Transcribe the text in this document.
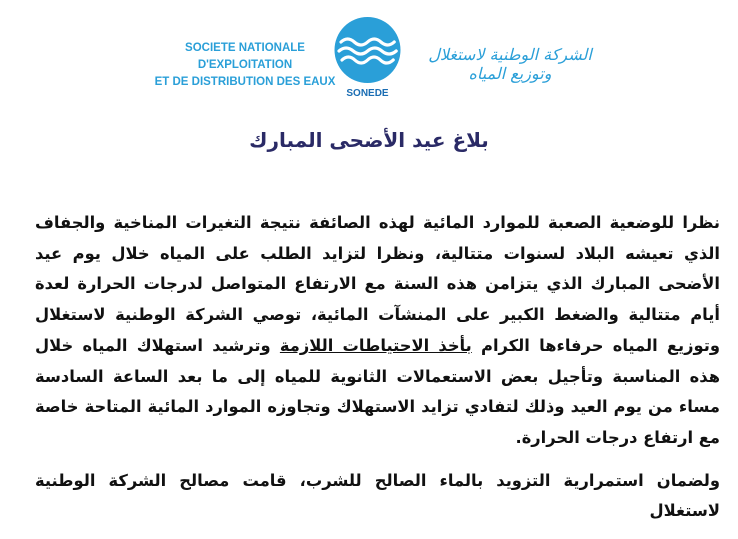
SOCIETE NATIONALE D'EXPLOITATION
ET DE DISTRIBUTION DES EAUX
SONEDE
الشركة الوطنية لاستغلال وتوزيع المياه
بلاغ عيد الأضحى المبارك

نظرا للوضعية الصعبة للموارد المائية لهذه الصائفة نتيجة التغيرات المناخية والجفاف الذي تعيشه البلاد لسنوات متتالية، ونظرا لتزايد الطلب على المياه خلال يوم عيد الأضحى المبارك الذي يتزامن هذه السنة مع الارتفاع المتواصل لدرجات الحرارة لعدة أيام متتالية والضغط الكبير على المنشآت المائية، توصي الشركة الوطنية لاستغلال وتوزيع المياه حرفاءها الكرام بأخذ الاحتياطات اللازمة وترشيد استهلاك المياه خلال هذه المناسبة وتأجيل بعض الاستعمالات الثانوية للمياه إلى ما بعد الساعة السادسة مساء من يوم العيد وذلك لتفادي تزايد الاستهلاك وتجاوزه الموارد المائية المتاحة خاصة مع ارتفاع درجات الحرارة.

ولضمان استمرارية التزويد بالماء الصالح للشرب، قامت مصالح الشركة الوطنية لاستغلال
